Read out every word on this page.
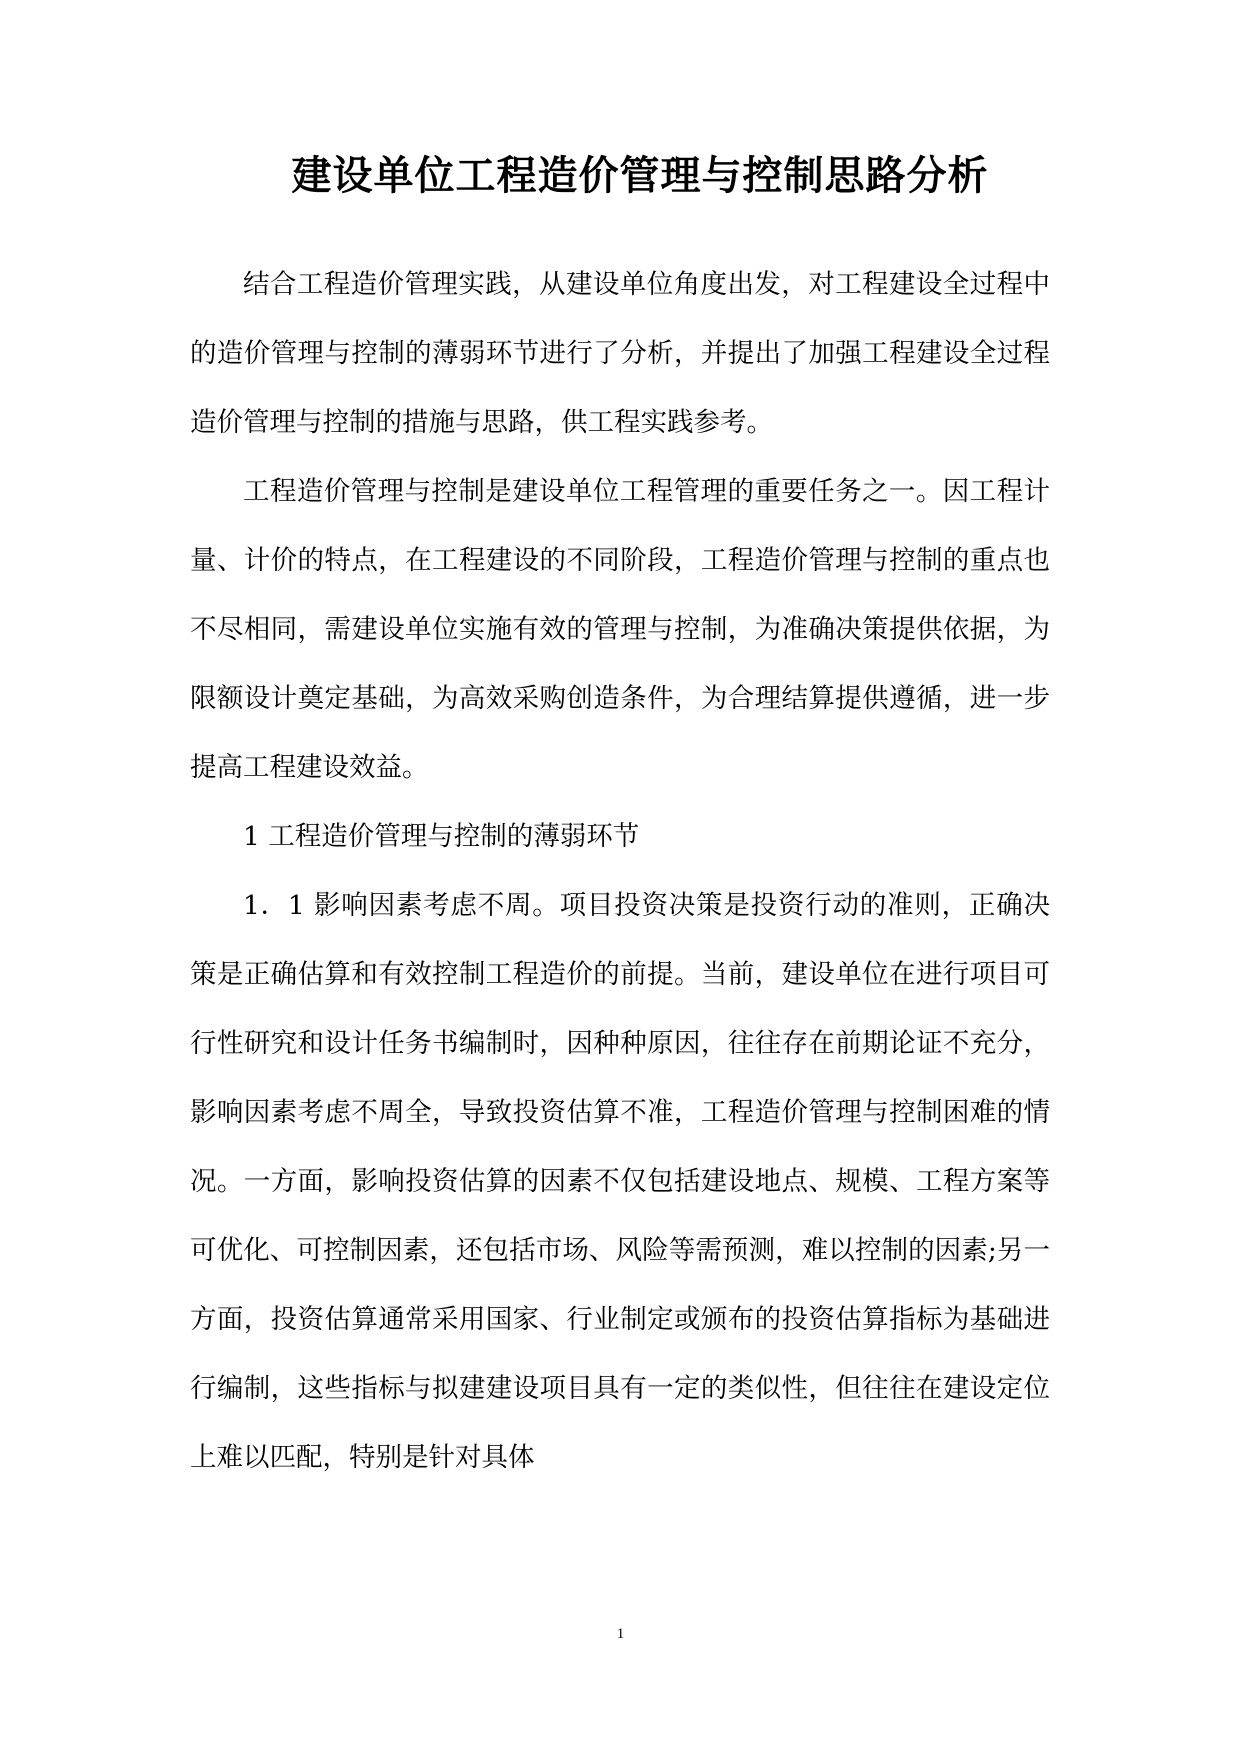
建设单位工程造价管理与控制思路分析

结合工程造价管理实践，从建设单位角度出发，对工程建设全过程中的造价管理与控制的薄弱环节进行了分析，并提出了加强工程建设全过程造价管理与控制的措施与思路，供工程实践参考。

工程造价管理与控制是建设单位工程管理的重要任务之一。因工程计量、计价的特点，在工程建设的不同阶段，工程造价管理与控制的重点也不尽相同，需建设单位实施有效的管理与控制，为准确决策提供依据，为限额设计奠定基础，为高效采购创造条件，为合理结算提供遵循，进一步提高工程建设效益。

1 工程造价管理与控制的薄弱环节

1．1 影响因素考虑不周。项目投资决策是投资行动的准则，正确决策是正确估算和有效控制工程造价的前提。当前，建设单位在进行项目可行性研究和设计任务书编制时，因种种原因，往往存在前期论证不充分，影响因素考虑不周全，导致投资估算不准，工程造价管理与控制困难的情况。一方面，影响投资估算的因素不仅包括建设地点、规模、工程方案等可优化、可控制因素，还包括市场、风险等需预测，难以控制的因素;另一方面，投资估算通常采用国家、行业制定或颁布的投资估算指标为基础进行编制，这些指标与拟建建设项目具有一定的类似性，但往往在建设定位上难以匹配，特别是针对具体

1
